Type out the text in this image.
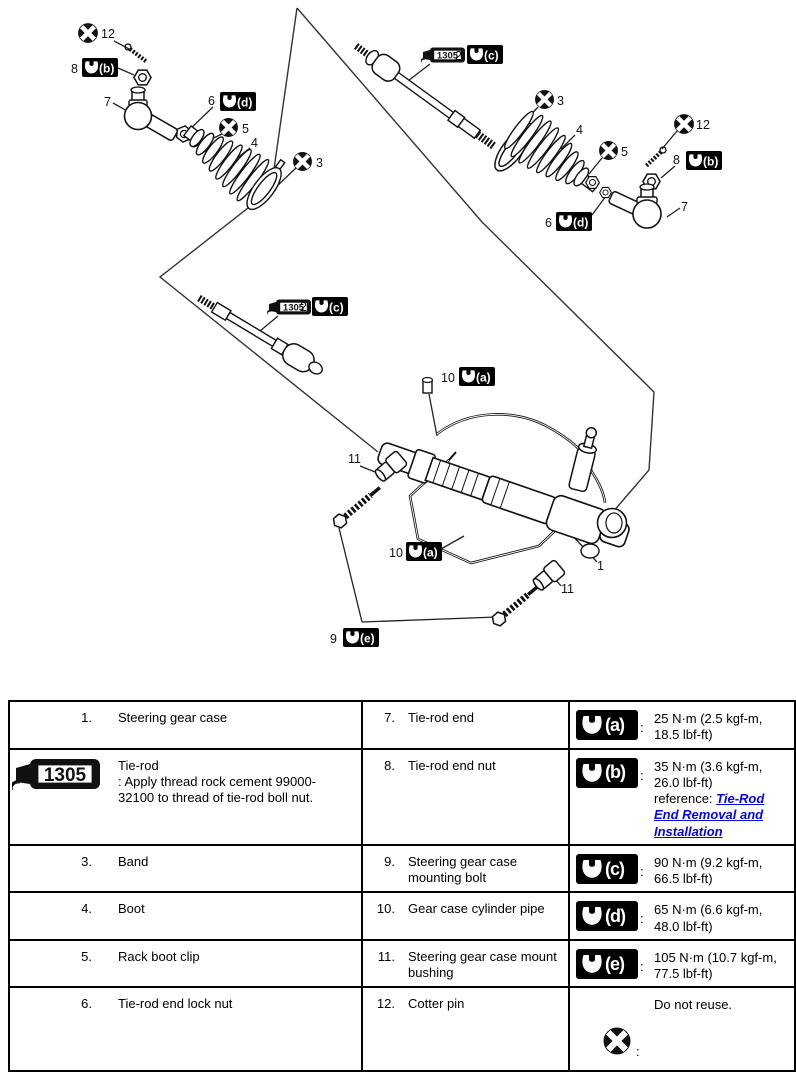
(b)
(d)
(c)
(d)
(b)
(c)
(a)
(a)
(e)
12
8
7	6
5
4
3
2
3
4
5
12
8
6
7
2
10
10
11
11
1
9
1. Steering gear case	7. Tie-rod end	(a) :
25 N·m (2.5 kgf-m, 18.5 lbf-ft)

Tie-rod
: Apply thread rock cement 99000-32100 to thread of tie-rod boll nut.	8. Tie-rod end nut	(b) :
35 N·m (3.6 kgf-m, 26.0 lbf-ft)
reference: Tie-Rod End Removal and Installation

3. Band	9. Steering gear case mounting bolt	(c) :
90 N·m (9.2 kgf-m, 66.5 lbf-ft)

4. Boot	10. Gear case cylinder pipe	(d) :
65 N·m (6.6 kgf-m, 48.0 lbf-ft)

5. Rack boot clip	11. Steering gear case mount bushing	(e) :
105 N·m (10.7 kgf-m, 77.5 lbf-ft)

6. Tie-rod end lock nut	12. Cotter pin	Do not reuse.
:
